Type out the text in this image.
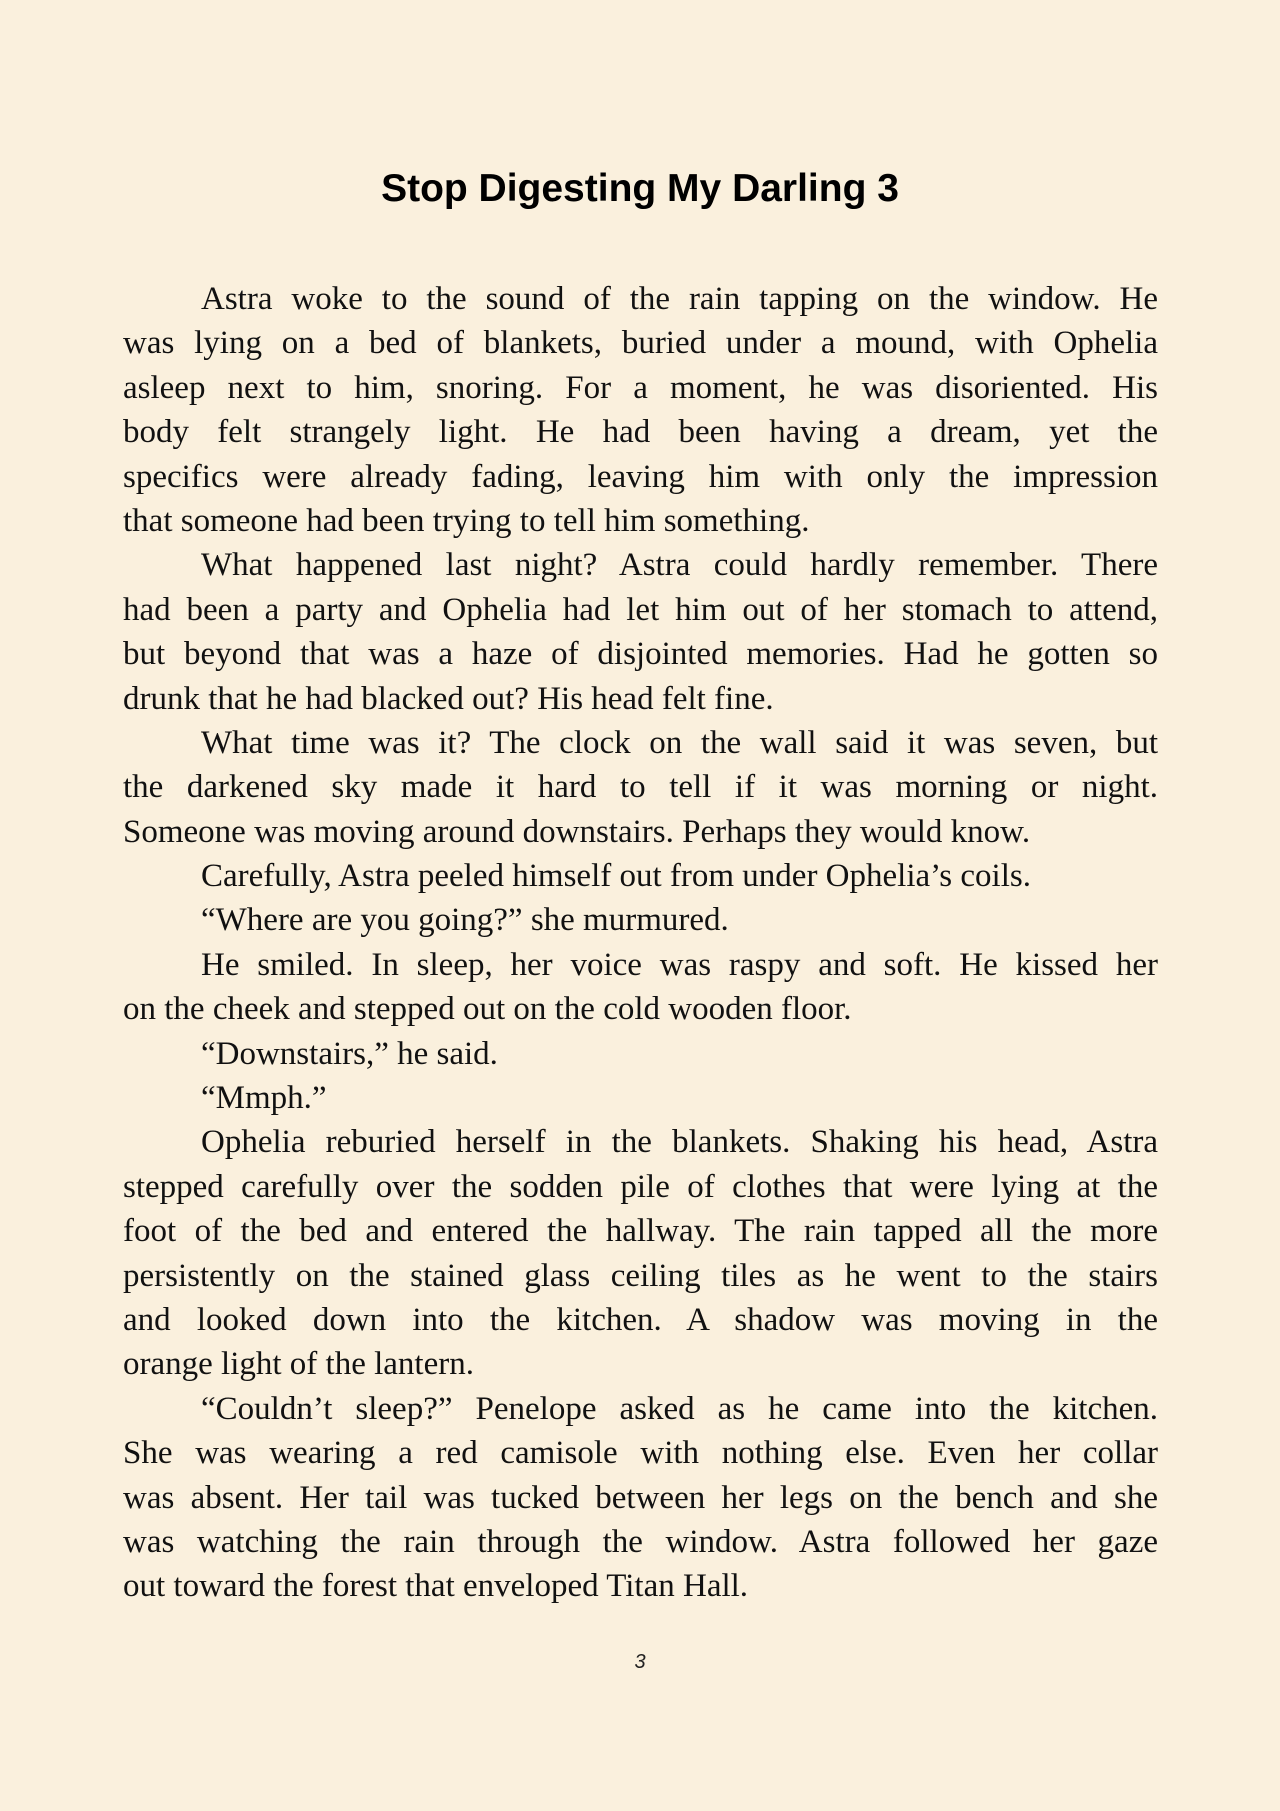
Stop Digesting My Darling 3
Astra woke to the sound of the rain tapping on the window. He
was lying on a bed of blankets, buried under a mound, with Ophelia
asleep next to him, snoring. For a moment, he was disoriented. His
body felt strangely light. He had been having a dream, yet the
specifics were already fading, leaving him with only the impression
that someone had been trying to tell him something.
What happened last night? Astra could hardly remember. There
had been a party and Ophelia had let him out of her stomach to attend,
but beyond that was a haze of disjointed memories. Had he gotten so
drunk that he had blacked out? His head felt fine.
What time was it? The clock on the wall said it was seven, but
the darkened sky made it hard to tell if it was morning or night.
Someone was moving around downstairs. Perhaps they would know.
Carefully, Astra peeled himself out from under Ophelia’s coils.
“Where are you going?” she murmured.
He smiled. In sleep, her voice was raspy and soft. He kissed her
on the cheek and stepped out on the cold wooden floor.
“Downstairs,” he said.
“Mmph.”
Ophelia reburied herself in the blankets. Shaking his head, Astra
stepped carefully over the sodden pile of clothes that were lying at the
foot of the bed and entered the hallway. The rain tapped all the more
persistently on the stained glass ceiling tiles as he went to the stairs
and looked down into the kitchen. A shadow was moving in the
orange light of the lantern.
“Couldn’t sleep?” Penelope asked as he came into the kitchen.
She was wearing a red camisole with nothing else. Even her collar
was absent. Her tail was tucked between her legs on the bench and she
was watching the rain through the window. Astra followed her gaze
out toward the forest that enveloped Titan Hall.
3
